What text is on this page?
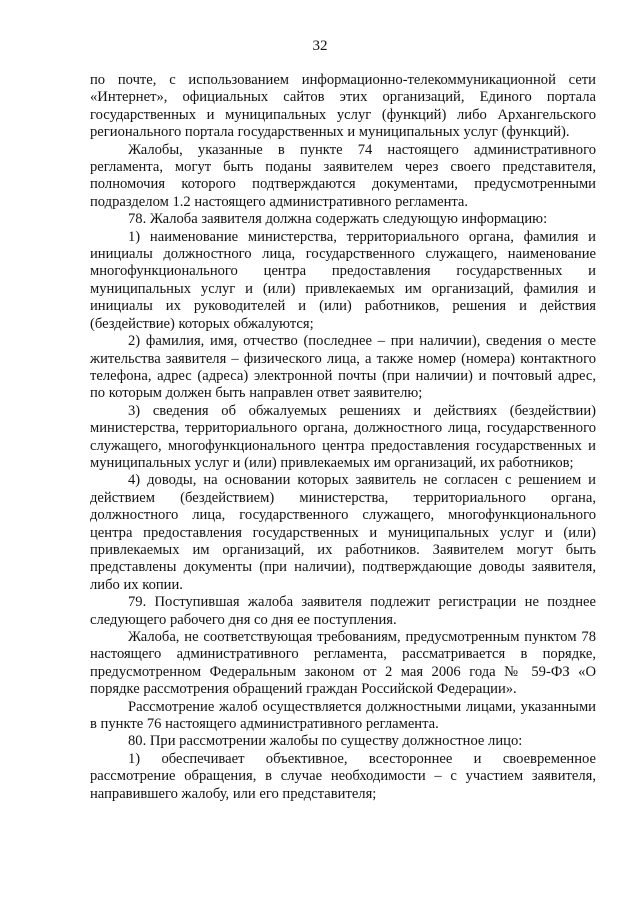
32

по почте, с использованием информационно-телекоммуникационной сети «Интернет», официальных сайтов этих организаций, Единого портала государственных и муниципальных услуг (функций) либо Архангельского регионального портала государственных и муниципальных услуг (функций).

Жалобы, указанные в пункте 74 настоящего административного регламента, могут быть поданы заявителем через своего представителя, полномочия которого подтверждаются документами, предусмотренными подразделом 1.2 настоящего административного регламента.

78. Жалоба заявителя должна содержать следующую информацию:

1) наименование министерства, территориального органа, фамилия и инициалы должностного лица, государственного служащего, наименование многофункционального центра предоставления государственных и муниципальных услуг и (или) привлекаемых им организаций, фамилия и инициалы их руководителей и (или) работников, решения и действия (бездействие) которых обжалуются;

2) фамилия, имя, отчество (последнее – при наличии), сведения о месте жительства заявителя – физического лица, а также номер (номера) контактного телефона, адрес (адреса) электронной почты (при наличии) и почтовый адрес, по которым должен быть направлен ответ заявителю;

3) сведения об обжалуемых решениях и действиях (бездействии) министерства, территориального органа, должностного лица, государственного служащего, многофункционального центра предоставления государственных и муниципальных услуг и (или) привлекаемых им организаций, их работников;

4) доводы, на основании которых заявитель не согласен с решением и действием (бездействием) министерства, территориального органа, должностного лица, государственного служащего, многофункционального центра предоставления государственных и муниципальных услуг и (или) привлекаемых им организаций, их работников. Заявителем могут быть представлены документы (при наличии), подтверждающие доводы заявителя, либо их копии.

79. Поступившая жалоба заявителя подлежит регистрации не позднее следующего рабочего дня со дня ее поступления.

Жалоба, не соответствующая требованиям, предусмотренным пунктом 78 настоящего административного регламента, рассматривается в порядке, предусмотренном Федеральным законом от 2 мая 2006 года № 59-ФЗ «О порядке рассмотрения обращений граждан Российской Федерации».

Рассмотрение жалоб осуществляется должностными лицами, указанными в пункте 76 настоящего административного регламента.

80. При рассмотрении жалобы по существу должностное лицо:

1) обеспечивает объективное, всестороннее и своевременное рассмотрение обращения, в случае необходимости – с участием заявителя, направившего жалобу, или его представителя;
